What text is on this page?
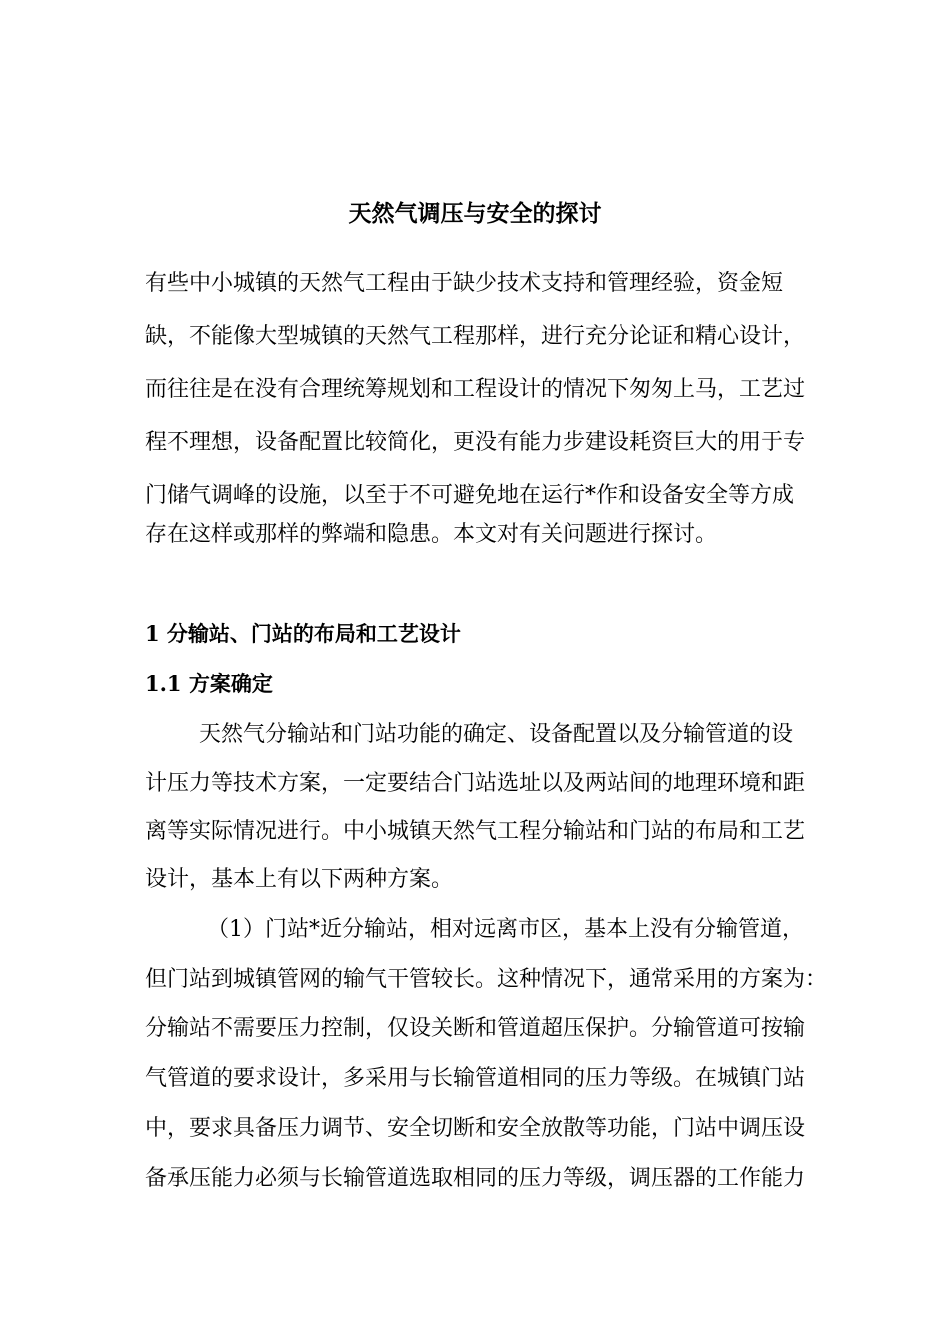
天然气调压与安全的探讨
有些中小城镇的天然气工程由于缺少技术支持和管理经验，资金短
缺，不能像大型城镇的天然气工程那样，进行充分论证和精心设计，
而往往是在没有合理统筹规划和工程设计的情况下匆匆上马，工艺过
程不理想，设备配置比较简化，更没有能力步建设耗资巨大的用于专
门储气调峰的设施，以至于不可避免地在运行*作和设备安全等方成
存在这样或那样的弊端和隐患。本文对有关问题进行探讨。
1 分输站、门站的布局和工艺设计
1.1 方案确定
天然气分输站和门站功能的确定、设备配置以及分输管道的设
计压力等技术方案，一定要结合门站选址以及两站间的地理环境和距
离等实际情况进行。中小城镇天然气工程分输站和门站的布局和工艺
设计，基本上有以下两种方案。
（1）门站*近分输站，相对远离市区，基本上没有分输管道，
但门站到城镇管网的输气干管较长。这种情况下，通常采用的方案为：
分输站不需要压力控制，仅设关断和管道超压保护。分输管道可按输
气管道的要求设计，多采用与长输管道相同的压力等级。在城镇门站
中，要求具备压力调节、安全切断和安全放散等功能，门站中调压设
备承压能力必须与长输管道选取相同的压力等级，调压器的工作能力
